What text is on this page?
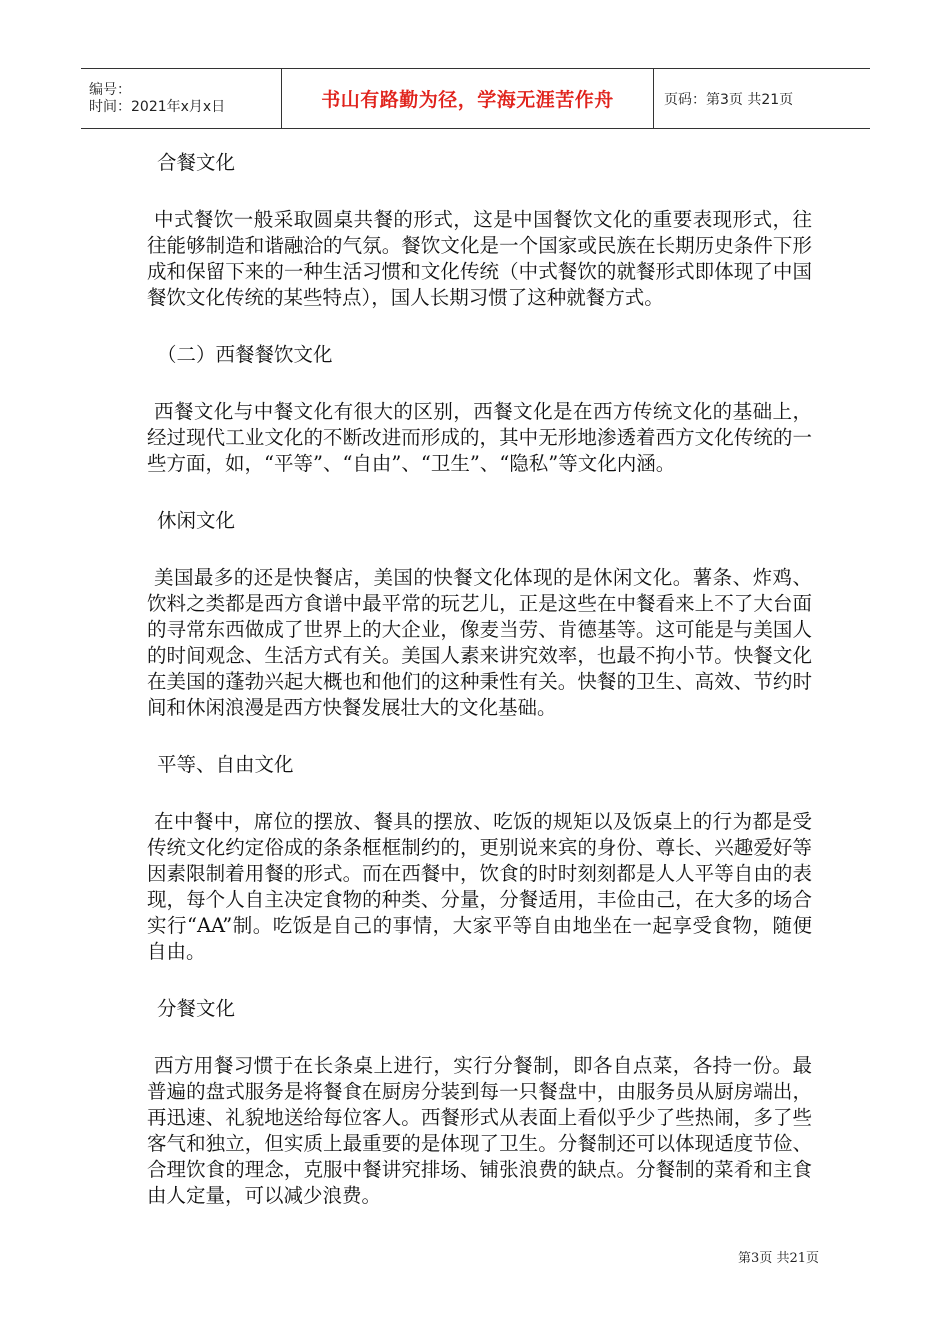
编号：
时间：2021年x月x日	书山有路勤为径，学海无涯苦作舟	页码：第3页 共21页

合餐文化

中式餐饮一般采取圆桌共餐的形式，这是中国餐饮文化的重要表现形式，往往能够制造和谐融洽的气氛。餐饮文化是一个国家或民族在长期历史条件下形成和保留下来的一种生活习惯和文化传统（中式餐饮的就餐形式即体现了中国餐饮文化传统的某些特点），国人长期习惯了这种就餐方式。

（二）西餐餐饮文化

西餐文化与中餐文化有很大的区别，西餐文化是在西方传统文化的基础上，经过现代工业文化的不断改进而形成的，其中无形地渗透着西方文化传统的一些方面，如，“平等”、“自由”、“卫生”、“隐私”等文化内涵。

休闲文化

美国最多的还是快餐店，美国的快餐文化体现的是休闲文化。薯条、炸鸡、饮料之类都是西方食谱中最平常的玩艺儿，正是这些在中餐看来上不了大台面的寻常东西做成了世界上的大企业，像麦当劳、肯德基等。这可能是与美国人的时间观念、生活方式有关。美国人素来讲究效率，也最不拘小节。快餐文化在美国的蓬勃兴起大概也和他们的这种秉性有关。快餐的卫生、高效、节约时间和休闲浪漫是西方快餐发展壮大的文化基础。

平等、自由文化

在中餐中，席位的摆放、餐具的摆放、吃饭的规矩以及饭桌上的行为都是受传统文化约定俗成的条条框框制约的，更别说来宾的身份、尊长、兴趣爱好等因素限制着用餐的形式。而在西餐中，饮食的时时刻刻都是人人平等自由的表现，每个人自主决定食物的种类、分量，分餐适用，丰俭由己，在大多的场合实行“AA”制。吃饭是自己的事情，大家平等自由地坐在一起享受食物，随便自由。

分餐文化

西方用餐习惯于在长条桌上进行，实行分餐制，即各自点菜，各持一份。最普遍的盘式服务是将餐食在厨房分装到每一只餐盘中，由服务员从厨房端出，再迅速、礼貌地送给每位客人。西餐形式从表面上看似乎少了些热闹，多了些客气和独立，但实质上最重要的是体现了卫生。分餐制还可以体现适度节俭、合理饮食的理念，克服中餐讲究排场、铺张浪费的缺点。分餐制的菜肴和主食由人定量，可以减少浪费。

第3页 共21页
